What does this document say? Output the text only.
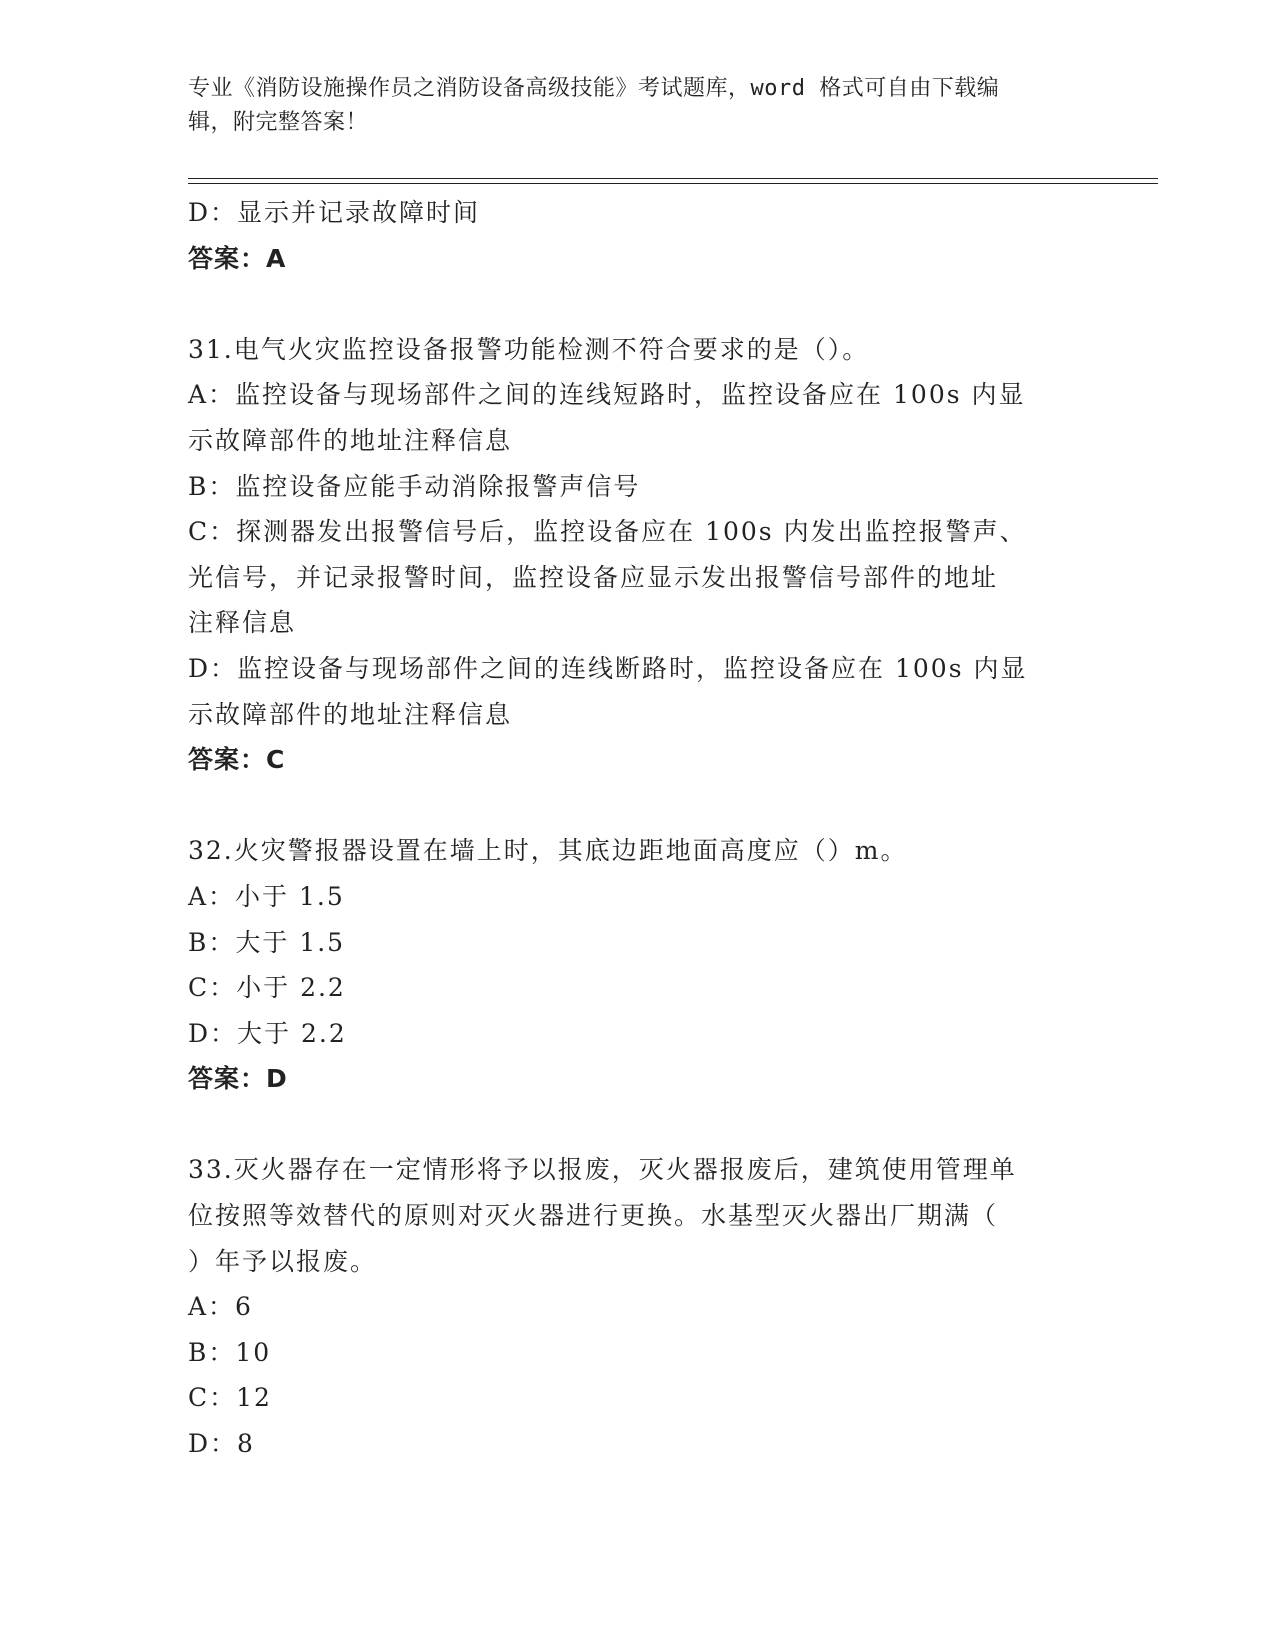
专业《消防设施操作员之消防设备高级技能》考试题库，word 格式可自由下载编
辑，附完整答案！
D：显示并记录故障时间
答案：A
31.电气火灾监控设备报警功能检测不符合要求的是（）。
A：监控设备与现场部件之间的连线短路时，监控设备应在 100s 内显
示故障部件的地址注释信息
B：监控设备应能手动消除报警声信号
C：探测器发出报警信号后，监控设备应在 100s 内发出监控报警声、
光信号，并记录报警时间，监控设备应显示发出报警信号部件的地址
注释信息
D：监控设备与现场部件之间的连线断路时，监控设备应在 100s 内显
示故障部件的地址注释信息
答案：C
32.火灾警报器设置在墙上时，其底边距地面高度应（）m。
A：小于 1.5
B：大于 1.5
C：小于 2.2
D：大于 2.2
答案：D
33.灭火器存在一定情形将予以报废，灭火器报废后，建筑使用管理单
位按照等效替代的原则对灭火器进行更换。水基型灭火器出厂期满（
）年予以报废。
A：6
B：10
C：12
D：8
